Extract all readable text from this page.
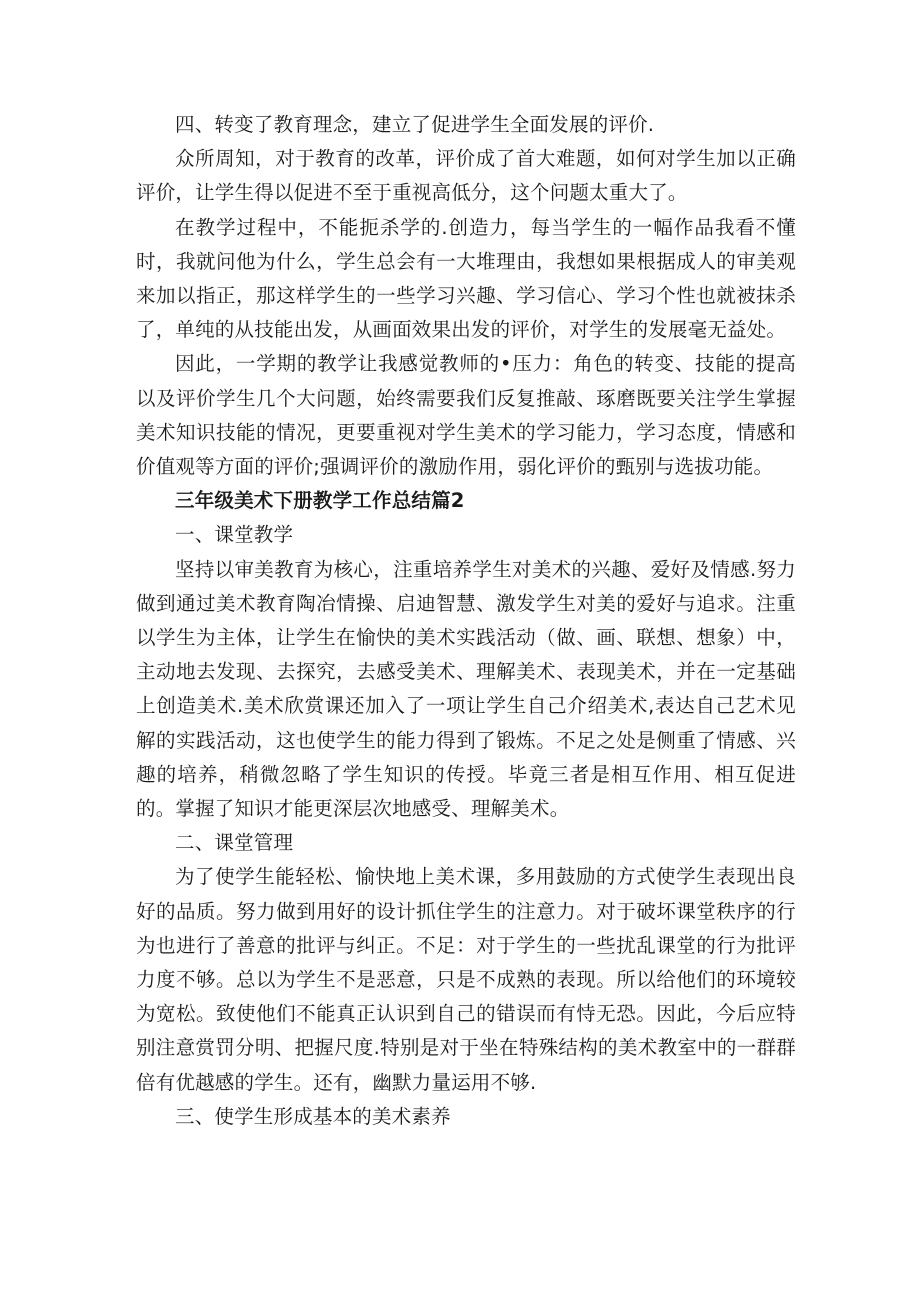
四、转变了教育理念，建立了促进学生全面发展的评价.

众所周知，对于教育的改革，评价成了首大难题，如何对学生加以正确评价，让学生得以促进不至于重视高低分，这个问题太重大了。

在教学过程中，不能扼杀学的.创造力，每当学生的一幅作品我看不懂时，我就问他为什么，学生总会有一大堆理由，我想如果根据成人的审美观来加以指正，那这样学生的一些学习兴趣、学习信心、学习个性也就被抹杀了，单纯的从技能出发，从画面效果出发的评价，对学生的发展毫无益处。

因此，一学期的教学让我感觉教师的•压力：角色的转变、技能的提高以及评价学生几个大问题，始终需要我们反复推敲、琢磨既要关注学生掌握美术知识技能的情况，更要重视对学生美术的学习能力，学习态度，情感和价值观等方面的评价;强调评价的激励作用，弱化评价的甄别与选拔功能。

三年级美术下册教学工作总结篇2

一、课堂教学

坚持以审美教育为核心，注重培养学生对美术的兴趣、爱好及情感.努力做到通过美术教育陶冶情操、启迪智慧、激发学生对美的爱好与追求。注重以学生为主体，让学生在愉快的美术实践活动（做、画、联想、想象）中，主动地去发现、去探究，去感受美术、理解美术、表现美术，并在一定基础上创造美术.美术欣赏课还加入了一项让学生自己介绍美术,表达自己艺术见解的实践活动，这也使学生的能力得到了锻炼。不足之处是侧重了情感、兴趣的培养，稍微忽略了学生知识的传授。毕竟三者是相互作用、相互促进的。掌握了知识才能更深层次地感受、理解美术。

二、课堂管理

为了使学生能轻松、愉快地上美术课，多用鼓励的方式使学生表现出良好的品质。努力做到用好的设计抓住学生的注意力。对于破坏课堂秩序的行为也进行了善意的批评与纠正。不足：对于学生的一些扰乱课堂的行为批评力度不够。总以为学生不是恶意，只是不成熟的表现。所以给他们的环境较为宽松。致使他们不能真正认识到自己的错误而有恃无恐。因此，今后应特别注意赏罚分明、把握尺度.特别是对于坐在特殊结构的美术教室中的一群群倍有优越感的学生。还有，幽默力量运用不够.

三、使学生形成基本的美术素养
